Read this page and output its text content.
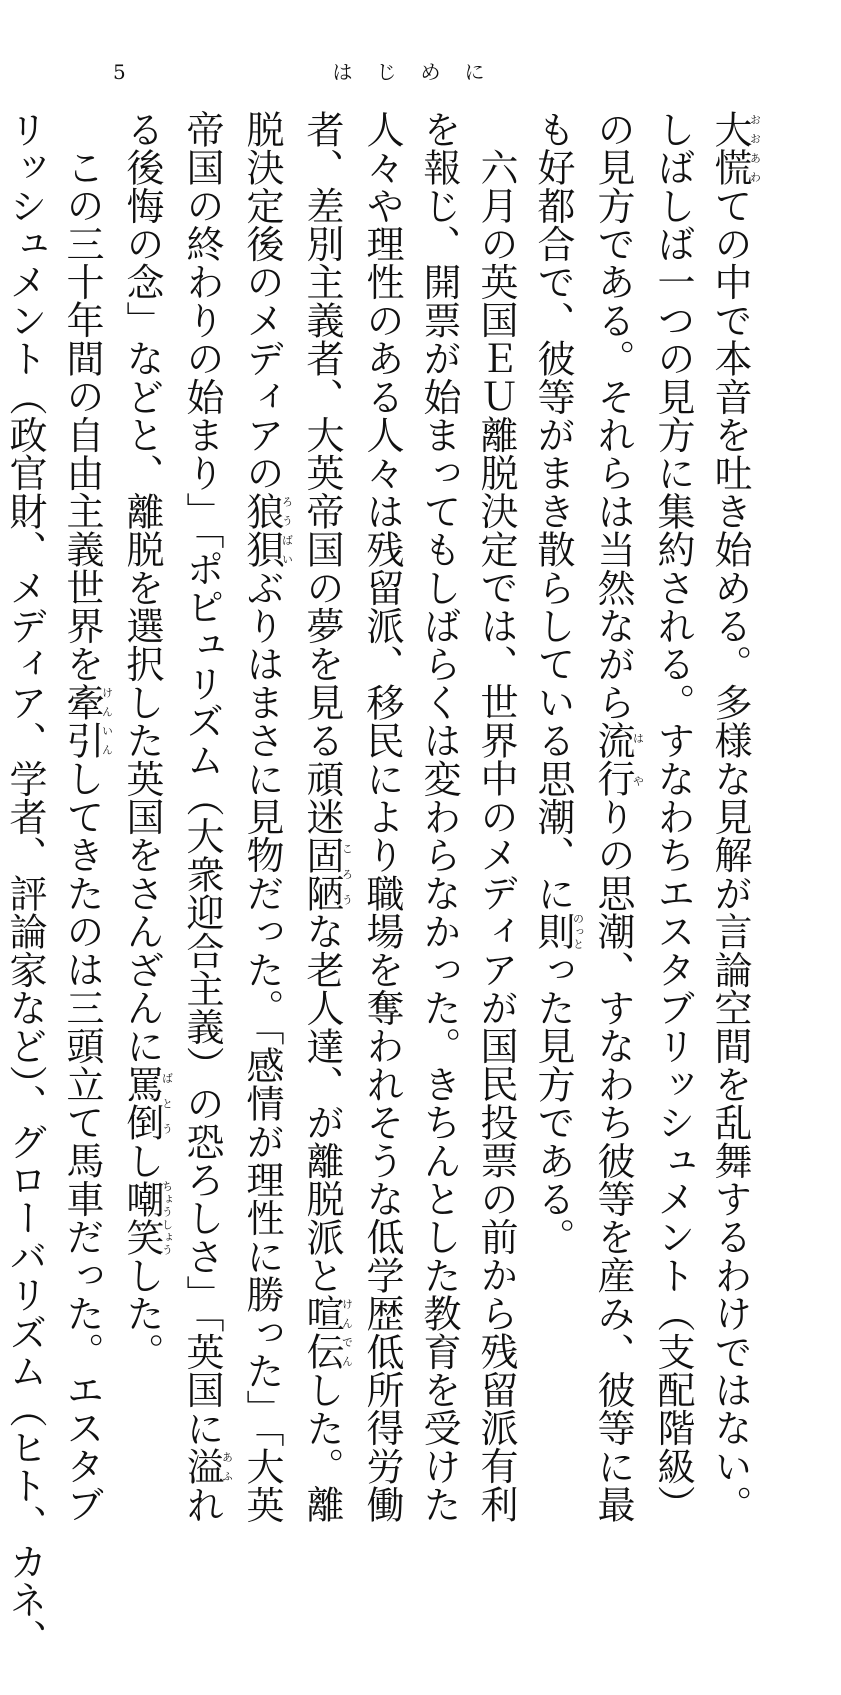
5	はじめに
大慌おおあわての中で本音を吐き始める。多様な見解が言論空間を乱舞するわけではない。
しばしば一つの見方に集約される。すなわちエスタブリッシュメント（支配階級）
の見方である。それらは当然ながら流行はやりの思潮、すなわち彼等を産み、彼等に最
も好都合で、彼等がまき散らしている思潮、に則のっとった見方である。
六月の英国ＥＵ離脱決定では、世界中のメディアが国民投票の前から残留派有利
を報じ、開票が始まってもしばらくは変わらなかった。きちんとした教育を受けた
人々や理性のある人々は残留派、移民により職場を奪われそうな低学歴低所得労働
者、差別主義者、大英帝国の夢を見る頑迷固陋ころうな老人達、が離脱派と喧伝けんでんした。離
脱決定後のメディアの狼狽ろうばいぶりはまさに見物だった。「感情が理性に勝った」「大英
帝国の終わりの始まり」「ポピュリズム（大衆迎合主義）の恐ろしさ」「英国に溢あふれ
る後悔の念」などと、離脱を選択した英国をさんざんに罵倒ばとうし嘲笑ちょうしょうした。
この三十年間の自由主義世界を牽引けんいんしてきたのは三頭立て馬車だった。エスタブ
リッシュメント（政官財、メディア、学者、評論家など）、グローバリズム（ヒト、カネ、
